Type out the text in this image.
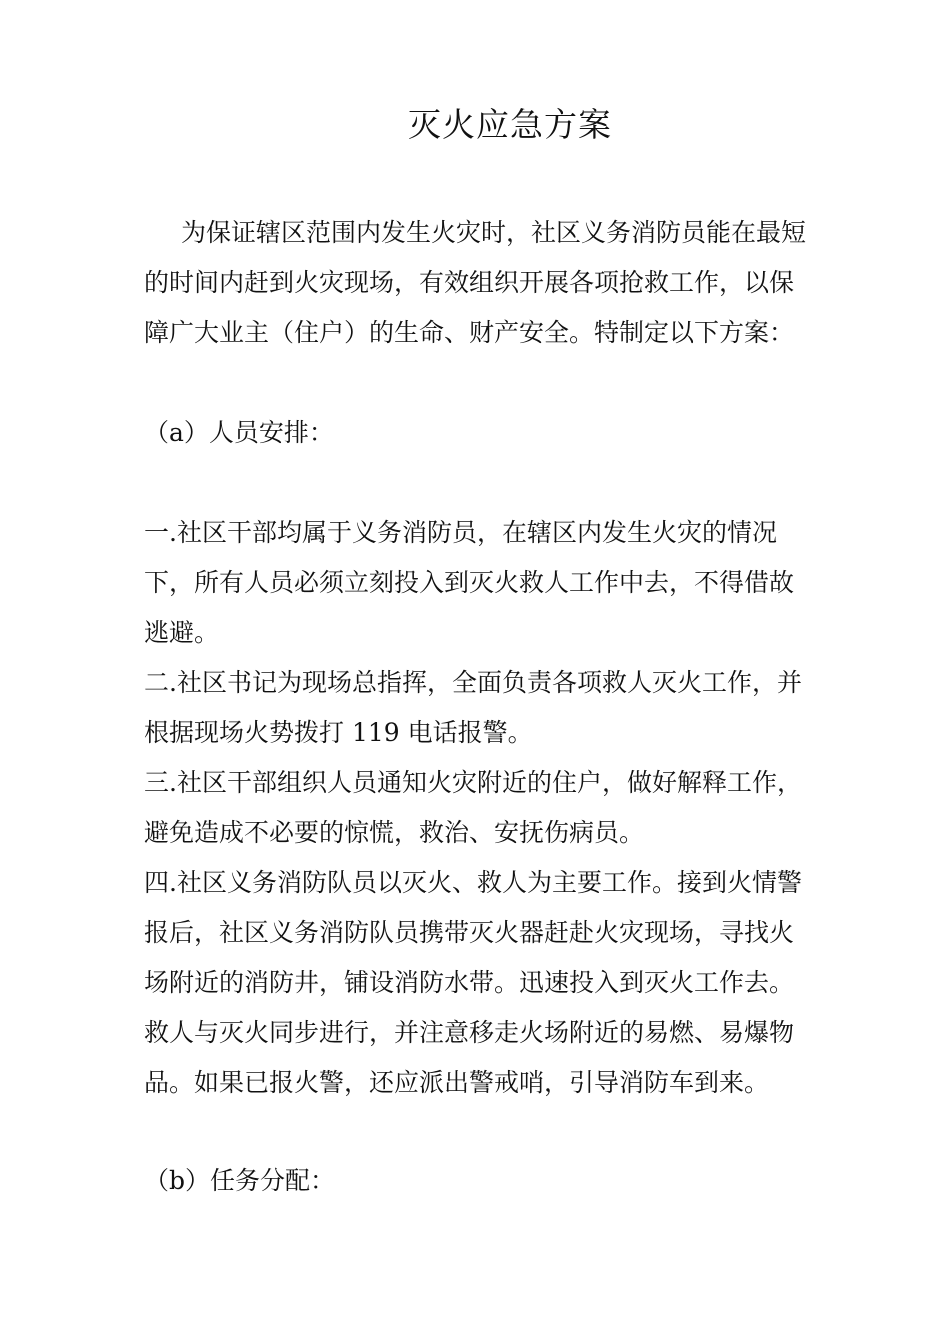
灭火应急方案

为保证辖区范围内发生火灾时，社区义务消防员能在最短的时间内赶到火灾现场，有效组织开展各项抢救工作，以保障广大业主（住户）的生命、财产安全。特制定以下方案：

（a）人员安排：

一.社区干部均属于义务消防员，在辖区内发生火灾的情况下，所有人员必须立刻投入到灭火救人工作中去，不得借故逃避。

二.社区书记为现场总指挥，全面负责各项救人灭火工作，并根据现场火势拨打 119 电话报警。

三.社区干部组织人员通知火灾附近的住户，做好解释工作，避免造成不必要的惊慌，救治、安抚伤病员。

四.社区义务消防队员以灭火、救人为主要工作。接到火情警报后，社区义务消防队员携带灭火器赶赴火灾现场，寻找火场附近的消防井，铺设消防水带。迅速投入到灭火工作去。救人与灭火同步进行，并注意移走火场附近的易燃、易爆物品。如果已报火警，还应派出警戒哨，引导消防车到来。

（b）任务分配：
